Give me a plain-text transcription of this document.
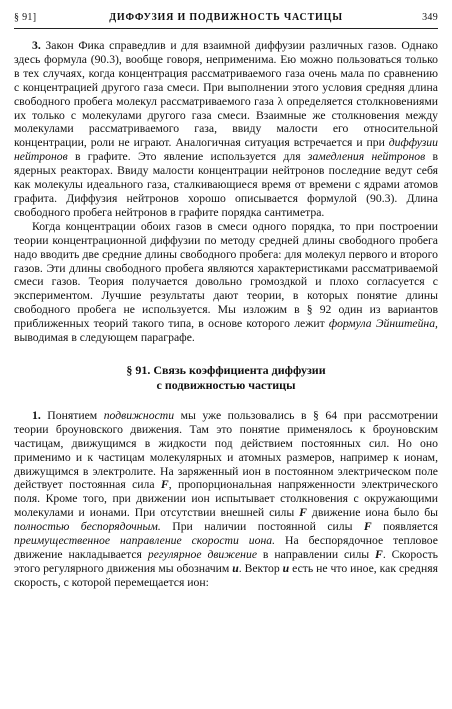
§ 91]	ДИФФУЗИЯ И ПОДВИЖНОСТЬ ЧАСТИЦЫ	349

3. Закон Фика справедлив и для взаимной диффузии различных газов. Однако здесь формула (90.3), вообще говоря, неприменима. Ею можно пользоваться только в тех случаях, когда концентрация рассматриваемого газа очень мала по сравнению с концентрацией другого газа смеси. При выполнении этого условия средняя длина свободного пробега молекул рассматриваемого газа λ определяется столкновениями их только с молекулами другого газа смеси. Взаимные же столкновения между молекулами рассматриваемого газа, ввиду малости его относительной концентрации, роли не играют. Аналогичная ситуация встречается и при диффузии нейтронов в графите. Это явление используется для замедления нейтронов в ядерных реакторах. Ввиду малости концентрации нейтронов последние ведут себя как молекулы идеального газа, сталкивающиеся время от времени с ядрами атомов графита. Диффузия нейтронов хорошо описывается формулой (90.3). Длина свободного пробега нейтронов в графите порядка сантиметра.

Когда концентрации обоих газов в смеси одного порядка, то при построении теории концентрационной диффузии по методу средней длины свободного пробега надо вводить две средние длины свободного пробега: для молекул первого и второго газов. Эти длины свободного пробега являются характеристиками рассматриваемой смеси газов. Теория получается довольно громоздкой и плохо согласуется с экспериментом. Лучшие результаты дают теории, в которых понятие длины свободного пробега не используется. Мы изложим в § 92 один из вариантов приближенных теорий такого типа, в основе которого лежит формула Эйнштейна, выводимая в следующем параграфе.

§ 91. Связь коэффициента диффузии
с подвижностью частицы

1. Понятием подвижности мы уже пользовались в § 64 при рассмотрении теории броуновского движения. Там это понятие применялось к броуновским частицам, движущимся в жидкости под действием постоянных сил. Но оно применимо и к частицам молекулярных и атомных размеров, например к ионам, движущимся в электролите. На заряженный ион в постоянном электрическом поле действует постоянная сила F, пропорциональная напряженности электрического поля. Кроме того, при движении ион испытывает столкновения с окружающими молекулами и ионами. При отсутствии внешней силы F движение иона было бы полностью беспорядочным. При наличии постоянной силы F появляется преимущественное направление скорости иона. На беспорядочное тепловое движение накладывается регулярное движение в направлении силы F. Скорость этого регулярного движения мы обозначим u. Вектор u есть не что иное, как средняя скорость, с которой перемещается ион:
